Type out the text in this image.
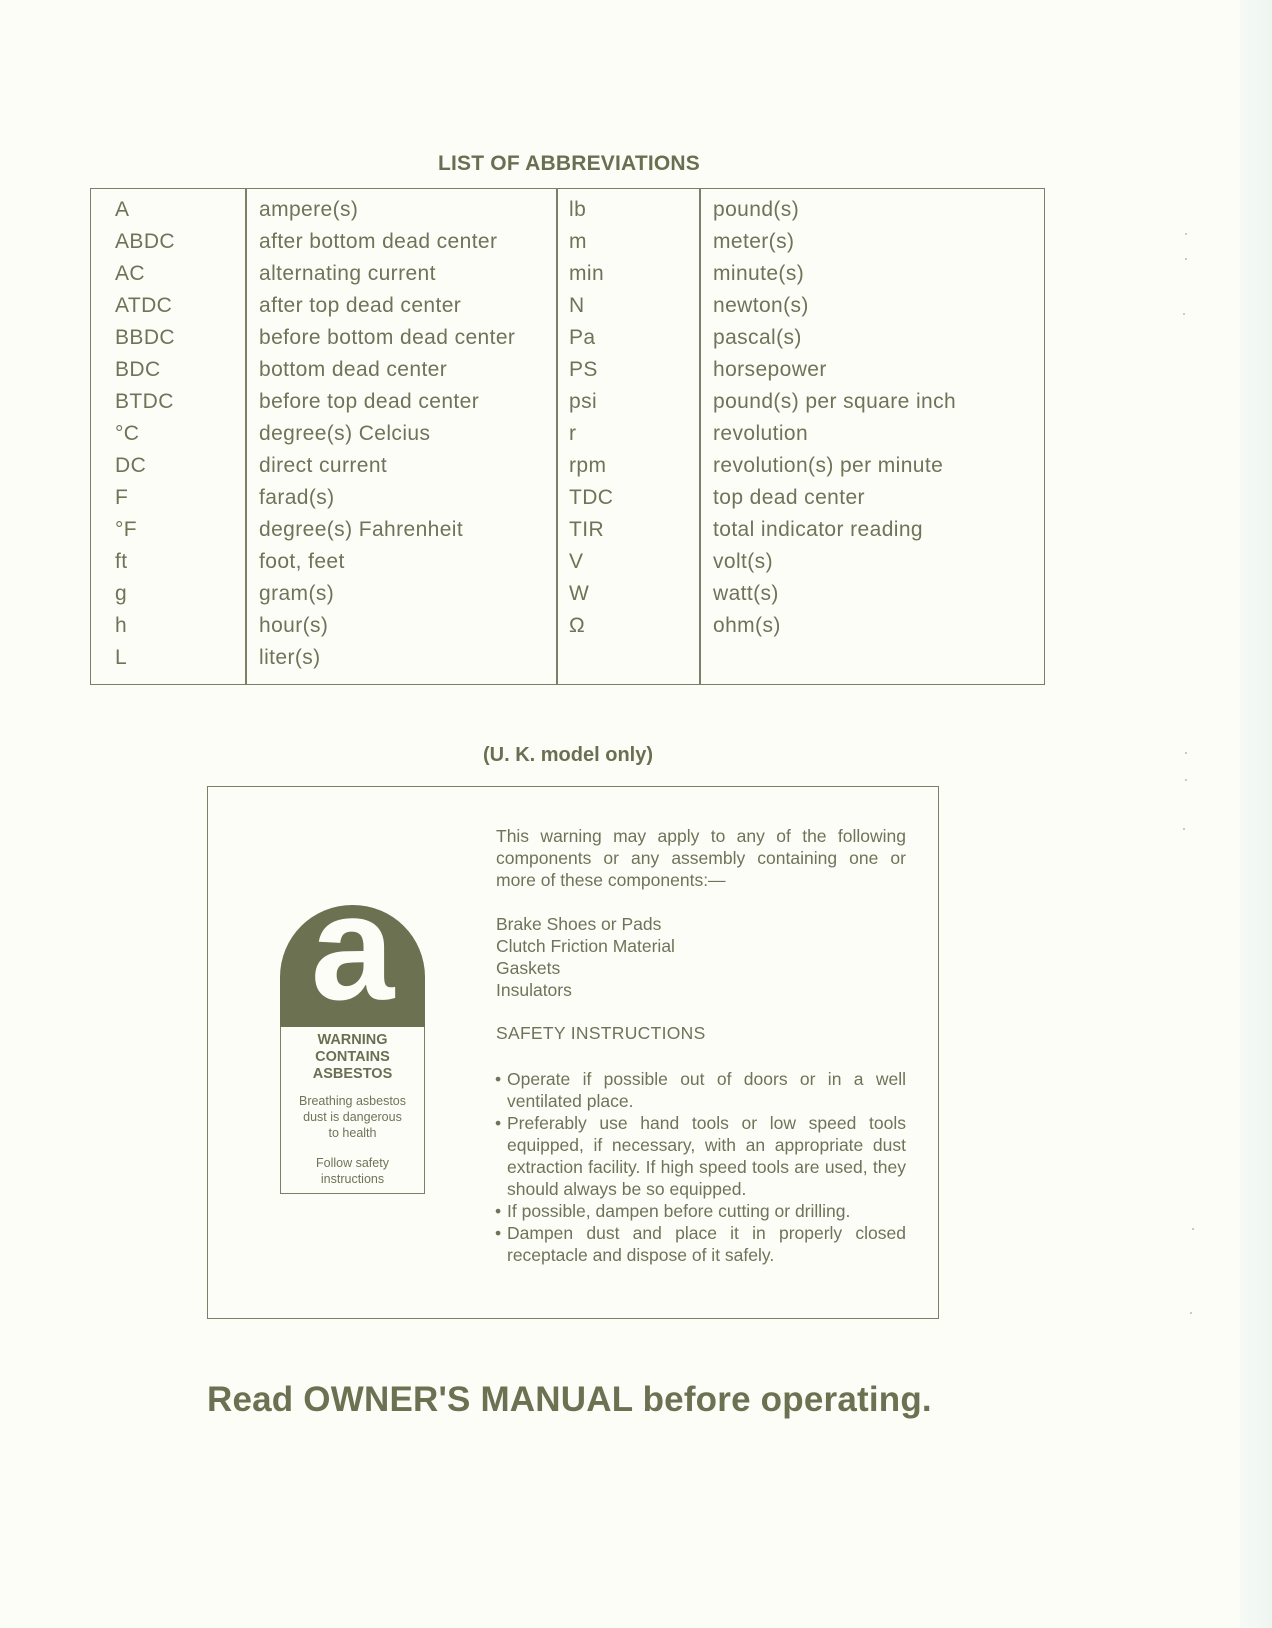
LIST OF ABBREVIATIONS
A	ampere(s)	lb	pound(s)
ABDC	after bottom dead center	m	meter(s)
AC	alternating current	min	minute(s)
ATDC	after top dead center	N	newton(s)
BBDC	before bottom dead center	Pa	pascal(s)
BDC	bottom dead center	PS	horsepower
BTDC	before top dead center	psi	pound(s) per square inch
°C	degree(s) Celcius	r	revolution
DC	direct current	rpm	revolution(s) per minute
F	farad(s)	TDC	top dead center
°F	degree(s) Fahrenheit	TIR	total indicator reading
ft	foot, feet	V	volt(s)
g	gram(s)	W	watt(s)
h	hour(s)	Ω	ohm(s)
L	liter(s)
(U. K. model only)
a
WARNING
CONTAINS
ASBESTOS
Breathing asbestos
dust is dangerous
to health
Follow safety
instructions

This warning may apply to any of the following components or any assembly containing one or more of these components:—

Brake Shoes or Pads

Clutch Friction Material

Gaskets

Insulators

SAFETY INSTRUCTIONS

• Operate if possible out of doors or in a well ventilated place.
• Preferably use hand tools or low speed tools equipped, if necessary, with an appropriate dust extraction facility. If high speed tools are used, they should always be so equipped.
• If possible, dampen before cutting or drilling.
• Dampen dust and place it in properly closed receptacle and dispose of it safely.
Read OWNER'S MANUAL before operating.
